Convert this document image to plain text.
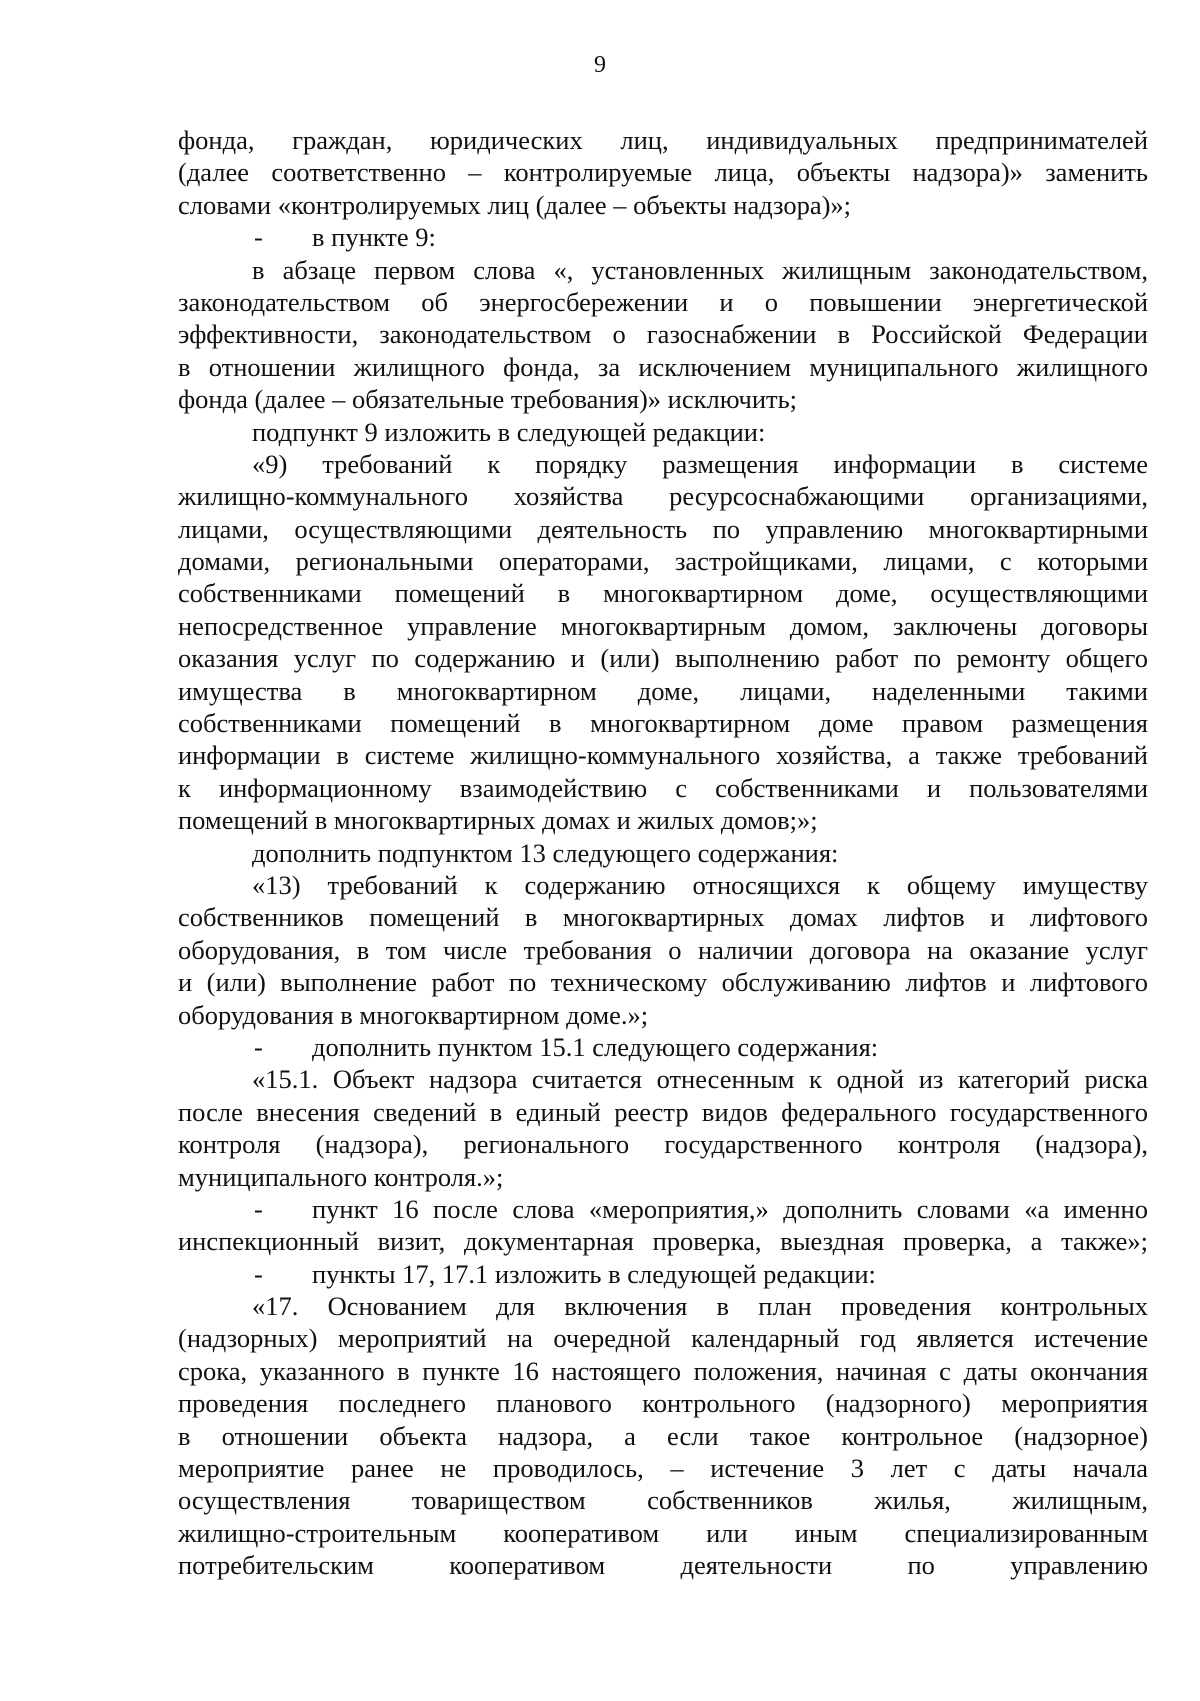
9
фонда, граждан, юридических лиц, индивидуальных предпринимателей
(далее соответственно – контролируемые лица, объекты надзора)» заменить
словами «контролируемых лиц (далее – объекты надзора)»;
-	в пункте 9:
в абзаце первом слова «, установленных жилищным законодательством,
законодательством об энергосбережении и о повышении энергетической
эффективности, законодательством о газоснабжении в Российской Федерации
в отношении жилищного фонда, за исключением муниципального жилищного
фонда (далее – обязательные требования)» исключить;
подпункт 9 изложить в следующей редакции:
«9) требований к порядку размещения информации в системе
жилищно-коммунального хозяйства ресурсоснабжающими организациями,
лицами, осуществляющими деятельность по управлению многоквартирными
домами, региональными операторами, застройщиками, лицами, с которыми
собственниками помещений в многоквартирном доме, осуществляющими
непосредственное управление многоквартирным домом, заключены договоры
оказания услуг по содержанию и (или) выполнению работ по ремонту общего
имущества в многоквартирном доме, лицами, наделенными такими
собственниками помещений в многоквартирном доме правом размещения
информации в системе жилищно-коммунального хозяйства, а также требований
к информационному взаимодействию с собственниками и пользователями
помещений в многоквартирных домах и жилых домов;»;
дополнить подпунктом 13 следующего содержания:
«13) требований к содержанию относящихся к общему имуществу
собственников помещений в многоквартирных домах лифтов и лифтового
оборудования, в том числе требования о наличии договора на оказание услуг
и (или) выполнение работ по техническому обслуживанию лифтов и лифтового
оборудования в многоквартирном доме.»;
-	дополнить пунктом 15.1 следующего содержания:
«15.1. Объект надзора считается отнесенным к одной из категорий риска
после внесения сведений в единый реестр видов федерального государственного
контроля (надзора), регионального государственного контроля (надзора),
муниципального контроля.»;
-	пункт 16 после слова «мероприятия,» дополнить словами «а именно
инспекционный визит, документарная проверка, выездная проверка, а также»;
-	пункты 17, 17.1 изложить в следующей редакции:
«17. Основанием для включения в план проведения контрольных
(надзорных) мероприятий на очередной календарный год является истечение
срока, указанного в пункте 16 настоящего положения, начиная с даты окончания
проведения последнего планового контрольного (надзорного) мероприятия
в отношении объекта надзора, а если такое контрольное (надзорное)
мероприятие ранее не проводилось, – истечение 3 лет с даты начала
осуществления товариществом собственников жилья, жилищным,
жилищно-строительным кооперативом или иным специализированным
потребительским кооперативом деятельности по управлению
